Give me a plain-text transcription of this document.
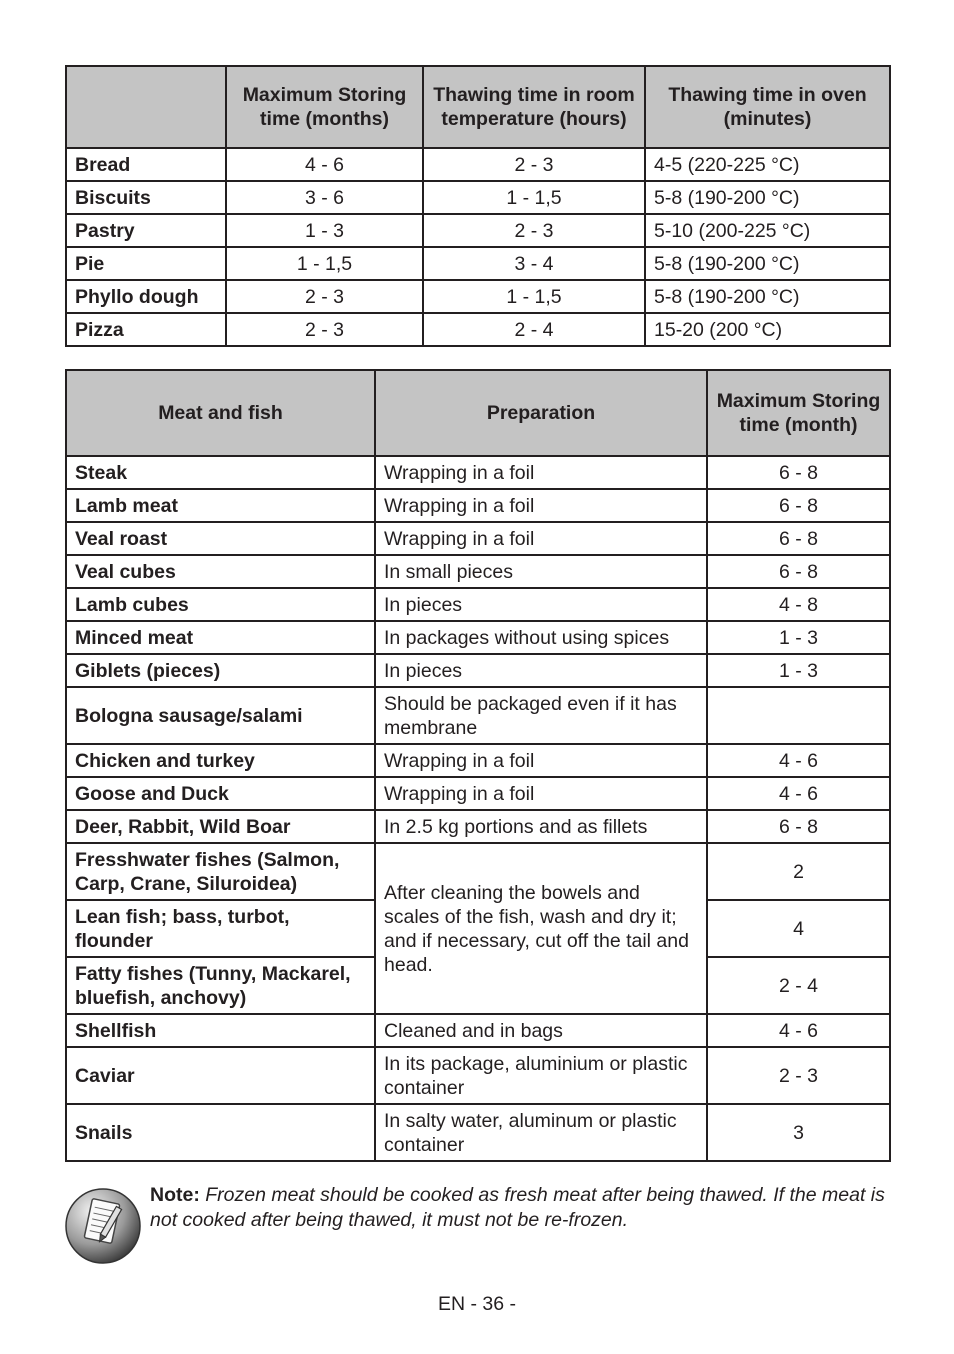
	Maximum Storing time (months)	Thawing time in room temperature (hours)	Thawing time in oven (minutes)
Bread	4 - 6	2 - 3	4-5 (220-225 °C)
Biscuits	3 - 6	1 - 1,5	5-8 (190-200 °C)
Pastry	1 - 3	2 - 3	5-10 (200-225 °C)
Pie	1 - 1,5	3 - 4	5-8 (190-200 °C)
Phyllo dough	2 - 3	1 - 1,5	5-8 (190-200 °C)
Pizza	2 - 3	2 - 4	15-20 (200 °C)
Meat and fish	Preparation	Maximum Storing time (month)
Steak	Wrapping in a foil	6 - 8
Lamb meat	Wrapping in a foil	6 - 8
Veal roast	Wrapping in a foil	6 - 8
Veal cubes	In small pieces	6 - 8
Lamb cubes	In pieces	4 - 8
Minced meat	In packages without using spices	1 - 3
Giblets (pieces)	In pieces	1 - 3
Bologna sausage/salami	Should be packaged even if it has membrane	
Chicken and turkey	Wrapping in a foil	4 - 6
Goose and Duck	Wrapping in a foil	4 - 6
Deer, Rabbit, Wild Boar	In 2.5 kg portions and as fillets	6 - 8
Fresshwater fishes (Salmon, Carp, Crane, Siluroidea)	After cleaning the bowels and scales of the fish, wash and dry it; and if necessary, cut off the tail and head.	2
Lean fish; bass, turbot, flounder		4
Fatty fishes (Tunny, Mackarel, bluefish, anchovy)		2 - 4
Shellfish	Cleaned and in bags	4 - 6
Caviar	In its package, aluminium or plastic container	2 - 3
Snails	In salty water, aluminum or plastic container	3
Note: Frozen meat should be cooked as fresh meat after being thawed. If the meat is not cooked after being thawed, it must not be re-frozen.
EN - 36 -
